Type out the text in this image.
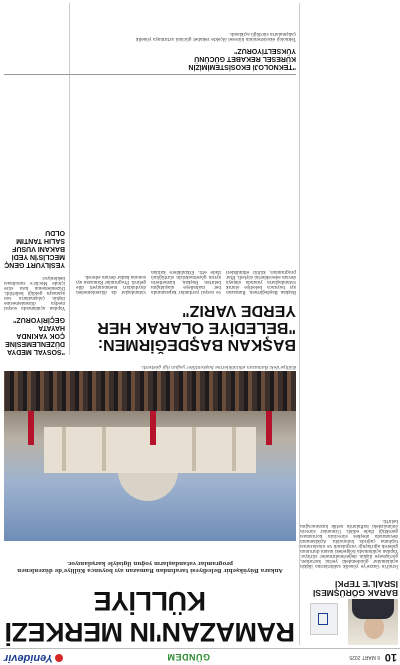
10
6 MART 2025
GÜNDEM
Yenidevir
BARAK GÖRÜŞMESİ İSRAİL'E TEPKİ
İsrail'in Gazze'ye yönelik saldırılarına ilişkin açıklamalar gündemdeki yerini korurken, görüşmeye ilişkin değerlendirmeler sürüyor. Yapılan açıklamada bölgedeki insani durumun giderek ağırlaştığı vurgulandı ve uluslararası topluma çağrıda bulunuldu. Açıklamanın devamında ateşkes sürecinin korunması gerektiği ifade edildi. Uzmanlar sürecin önümüzdeki haftalarda netlik kazanacağını belirtti.
RAMAZAN'IN MERKEZİ KÜLLİYE
Ankara Büyükşehir Belediyesi tarafından Ramazan ayı boyunca Külliye'de düzenlenen programlar vatandaşların yoğun ilgisiyle karşılanıyor.
Külliye'deki Ramazan etkinliklerine başkentliler yoğun ilgi gösterdi.
BAŞKAN BAŞDEĞİRMEN: "BELEDİYE OLARAK HER YERDE VARIZ"
Başkan Başdeğirmen, Ramazan ayı boyunca belediye olarak vatandaşların yanında olmaya devam edeceklerini söyledi. İftar programları, kültür etkinlikleri ve sosyal yardımlar kapsamında her mahalleye ulaşıldığını belirten Başkan, hizmetlerin ayrım gözetmeksizin sürdüğünü ifade etti. Etkinliklere katılan vatandaşlar da düzenlemeden duydukları memnuniyeti dile getirdi. Programlar Ramazan ayı sonuna kadar devam edecek.
"SOSYAL MEDYA DÜZENLEMESİNE ÇOK YAKINDA HAYATA GEÇİRİYORUZ"
Yapılan açıklamada sosyal medya düzenlemesine ilişkin çalışmaların son aşamaya geldiği belirtildi. Düzenlemenin kısa süre içinde Meclis'e sunulması bekleniyor.
YESİLYURT GENÇ MECLİS'İN YEDİ BAKANI VUSUF SALIH TANTIM OLDU
"TEKNOLOJİ EKOSİSTEMİMİZİN KÜRESEL REKABET GÜCÜNÜ YÜKSELTİYORUZ"
Teknoloji ekosisteminin küresel ölçekte rekabet gücünü artırmaya yönelik çalışmaların sürdüğü açıklandı.
